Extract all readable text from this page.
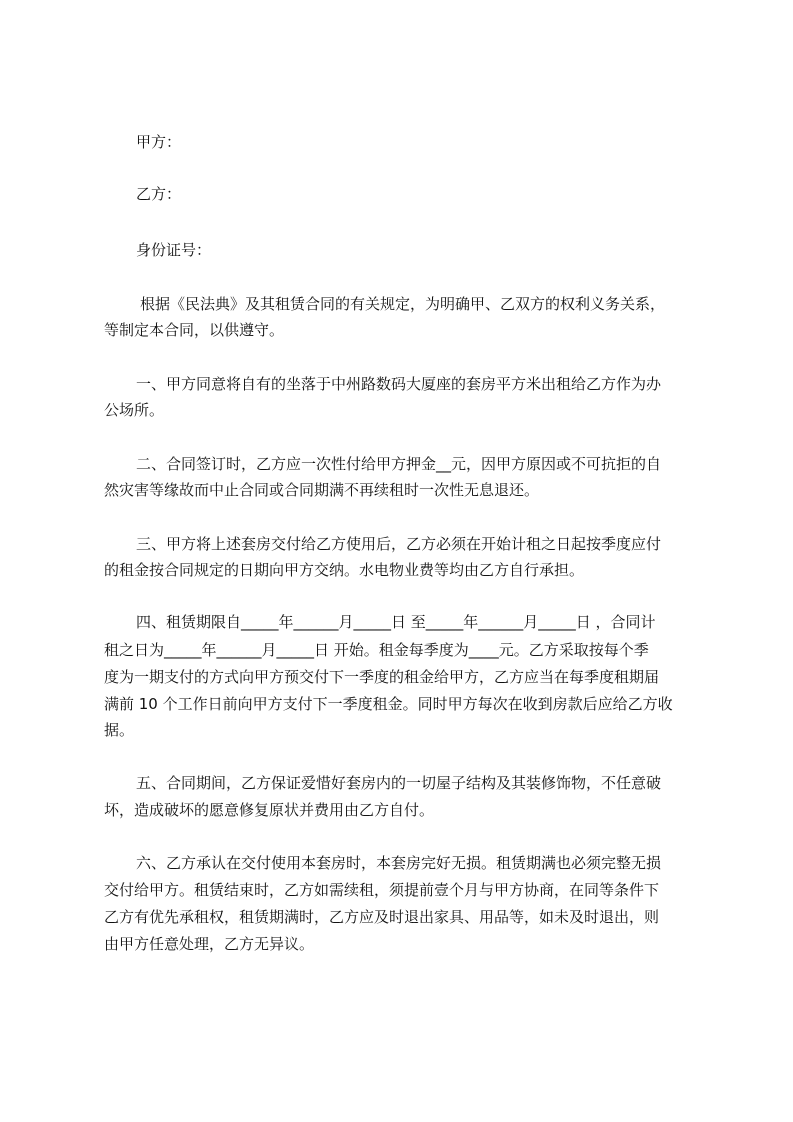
甲方：

乙方：

身份证号：

根据《民法典》及其租赁合同的有关规定，为明确甲、乙双方的权利义务关系，

等制定本合同，以供遵守。

一、甲方同意将自有的坐落于中州路数码大厦座的套房平方米出租给乙方作为办

公场所。

二、合同签订时，乙方应一次性付给甲方押金__元，因甲方原因或不可抗拒的自

然灾害等缘故而中止合同或合同期满不再续租时一次性无息退还。

三、甲方将上述套房交付给乙方使用后，乙方必须在开始计租之日起按季度应付

的租金按合同规定的日期向甲方交纳。水电物业费等均由乙方自行承担。

四、租赁期限自_____年______月_____日 至_____年______月_____日 ，合同计

租之日为_____年______月_____日 开始。租金每季度为____元。乙方采取按每个季

度为一期支付的方式向甲方预交付下一季度的租金给甲方，乙方应当在每季度租期届

满前 10 个工作日前向甲方支付下一季度租金。同时甲方每次在收到房款后应给乙方收

据。

五、合同期间，乙方保证爱惜好套房内的一切屋子结构及其装修饰物，不任意破

坏，造成破坏的愿意修复原状并费用由乙方自付。

六、乙方承认在交付使用本套房时，本套房完好无损。租赁期满也必须完整无损

交付给甲方。租赁结束时，乙方如需续租，须提前壹个月与甲方协商，在同等条件下

乙方有优先承租权，租赁期满时，乙方应及时退出家具、用品等，如未及时退出，则

由甲方任意处理，乙方无异议。
